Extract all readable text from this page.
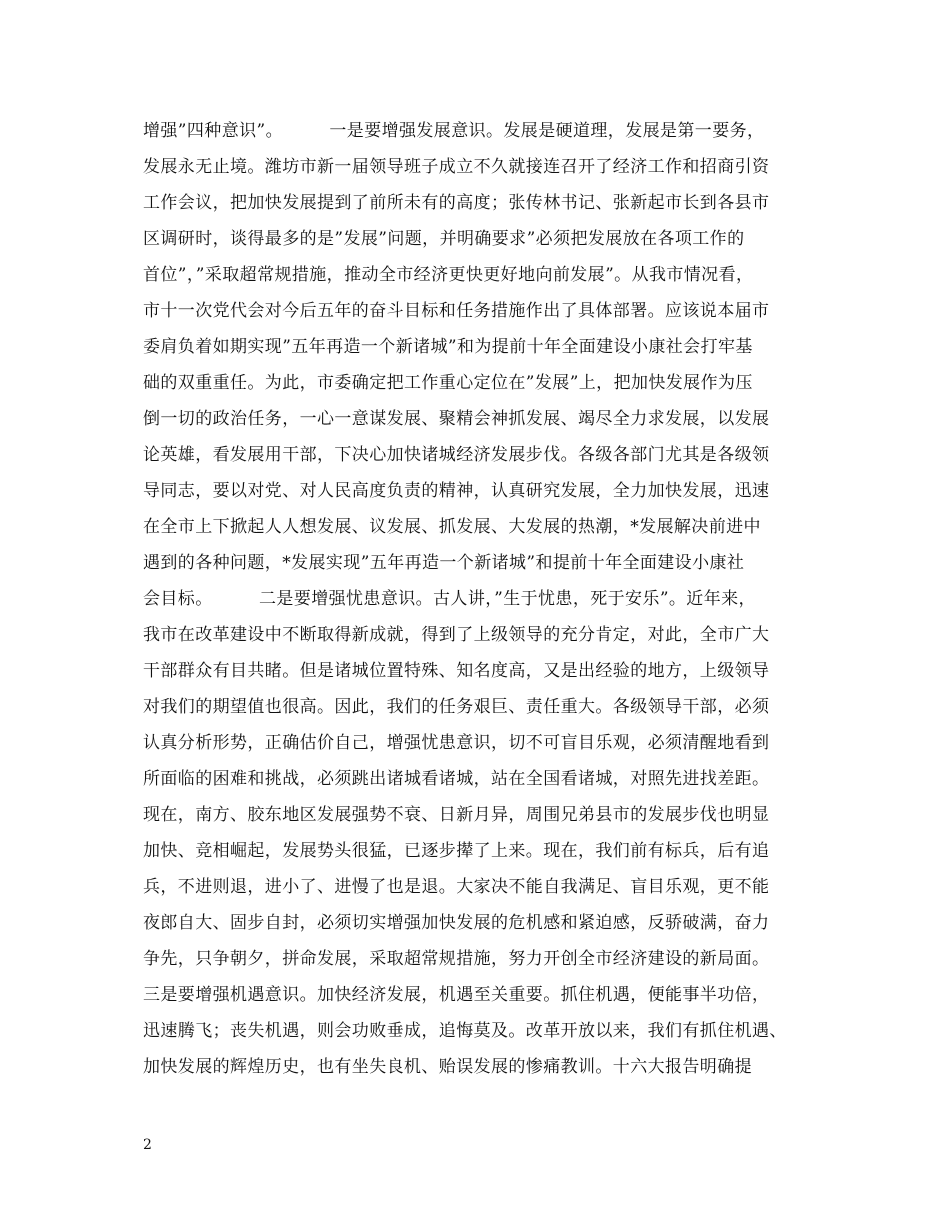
增强”四种意识”。        一是要增强发展意识。发展是硬道理，发展是第一要务，
发展永无止境。潍坊市新一届领导班子成立不久就接连召开了经济工作和招商引资
工作会议，把加快发展提到了前所未有的高度；张传林书记、张新起市长到各县市
区调研时，谈得最多的是”发展”问题，并明确要求”必须把发展放在各项工作的
首位”，”采取超常规措施，推动全市经济更快更好地向前发展”。从我市情况看，
市十一次党代会对今后五年的奋斗目标和任务措施作出了具体部署。应该说本届市
委肩负着如期实现”五年再造一个新诸城”和为提前十年全面建设小康社会打牢基
础的双重重任。为此，市委确定把工作重心定位在”发展”上，把加快发展作为压
倒一切的政治任务，一心一意谋发展、聚精会神抓发展、竭尽全力求发展，以发展
论英雄，看发展用干部，下决心加快诸城经济发展步伐。各级各部门尤其是各级领
导同志，要以对党、对人民高度负责的精神，认真研究发展，全力加快发展，迅速
在全市上下掀起人人想发展、议发展、抓发展、大发展的热潮，*发展解决前进中
遇到的各种问题，*发展实现”五年再造一个新诸城”和提前十年全面建设小康社
会目标。        二是要增强忧患意识。古人讲，”生于忧患，死于安乐”。近年来，
我市在改革建设中不断取得新成就，得到了上级领导的充分肯定，对此，全市广大
干部群众有目共睹。但是诸城位置特殊、知名度高，又是出经验的地方，上级领导
对我们的期望值也很高。因此，我们的任务艰巨、责任重大。各级领导干部，必须
认真分析形势，正确估价自己，增强忧患意识，切不可盲目乐观，必须清醒地看到
所面临的困难和挑战，必须跳出诸城看诸城，站在全国看诸城，对照先进找差距。
现在，南方、胶东地区发展强势不衰、日新月异，周围兄弟县市的发展步伐也明显
加快、竞相崛起，发展势头很猛，已逐步撵了上来。现在，我们前有标兵，后有追
兵，不进则退，进小了、进慢了也是退。大家决不能自我满足、盲目乐观，更不能
夜郎自大、固步自封，必须切实增强加快发展的危机感和紧迫感，反骄破满，奋力
争先，只争朝夕，拼命发展，采取超常规措施，努力开创全市经济建设的新局面。
三是要增强机遇意识。加快经济发展，机遇至关重要。抓住机遇，便能事半功倍，
迅速腾飞；丧失机遇，则会功败垂成，追悔莫及。改革开放以来，我们有抓住机遇、
加快发展的辉煌历史，也有坐失良机、贻误发展的惨痛教训。十六大报告明确提
2
